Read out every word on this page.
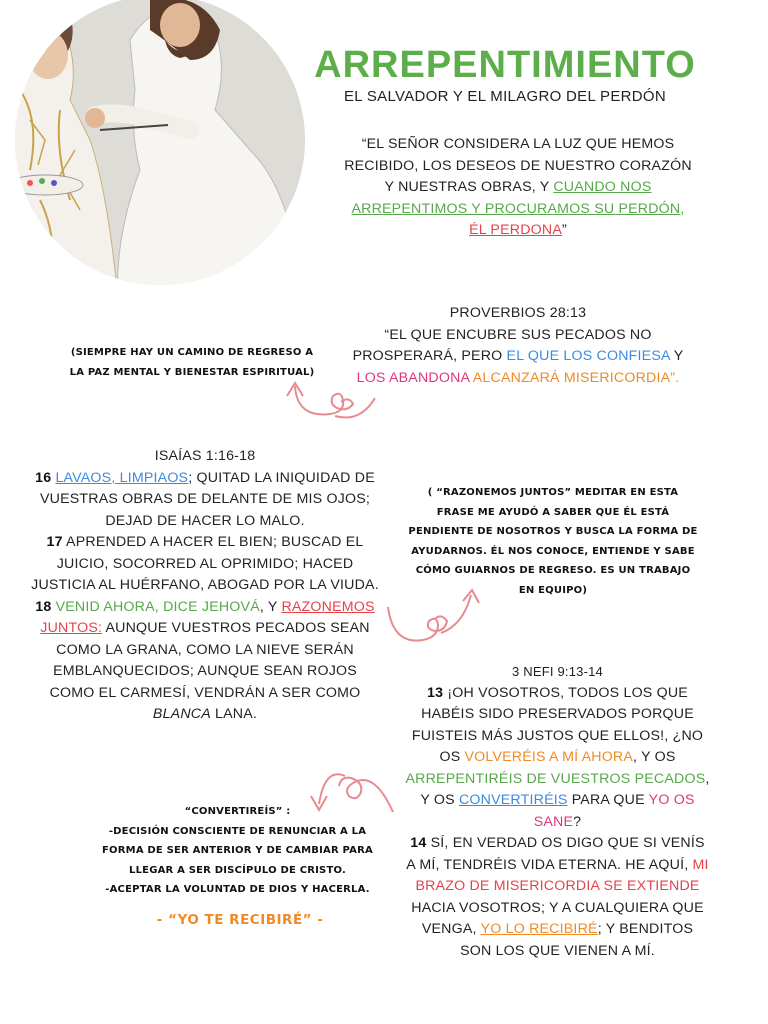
ARREPENTIMIENTO
EL SALVADOR Y EL MILAGRO DEL PERDÓN
“EL SEÑOR CONSIDERA LA LUZ QUE HEMOS
RECIBIDO, LOS DESEOS DE NUESTRO CORAZÓN
Y NUESTRAS OBRAS, Y CUANDO NOS
ARREPENTIMOS Y PROCURAMOS SU PERDÓN,
ÉL PERDONA”
PROVERBIOS 28:13
“EL QUE ENCUBRE SUS PECADOS NO
PROSPERARÁ, PERO EL QUE LOS CONFIESA Y
LOS ABANDONA ALCANZARÁ MISERICORDIA”.
(SIEMPRE HAY UN CAMINO DE REGRESO A
LA PAZ MENTAL Y BIENESTAR ESPIRITUAL)
ISAÍAS 1:16-18
16 LAVAOS, LIMPIAOS; QUITAD LA INIQUIDAD DE
VUESTRAS OBRAS DE DELANTE DE MIS OJOS;
DEJAD DE HACER LO MALO.
17 APRENDED A HACER EL BIEN; BUSCAD EL
JUICIO, SOCORRED AL OPRIMIDO; HACED
JUSTICIA AL HUÉRFANO, ABOGAD POR LA VIUDA.
18 VENID AHORA, DICE JEHOVÁ, Y RAZONEMOS
JUNTOS: AUNQUE VUESTROS PECADOS SEAN
COMO LA GRANA, COMO LA NIEVE SERÁN
EMBLANQUECIDOS; AUNQUE SEAN ROJOS
COMO EL CARMESÍ, VENDRÁN A SER COMO
BLANCA LANA.
( “RAZONEMOS JUNTOS” MEDITAR EN ESTA
FRASE ME AYUDÓ A SABER QUE ÉL ESTÁ
PENDIENTE DE NOSOTROS Y BUSCA LA FORMA DE
AYUDARNOS. ÉL NOS CONOCE, ENTIENDE Y SABE
CÓMO GUIARNOS DE REGRESO. ES UN TRABAJO
EN EQUIPO)
3 NEFI 9:13-14
13 ¡OH VOSOTROS, TODOS LOS QUE
HABÉIS SIDO PRESERVADOS PORQUE
FUISTEIS MÁS JUSTOS QUE ELLOS!, ¿NO
OS VOLVERÉIS A MÍ AHORA, Y OS
ARREPENTIRÉIS DE VUESTROS PECADOS,
Y OS CONVERTIRÉIS PARA QUE YO OS
SANE?
14 SÍ, EN VERDAD OS DIGO QUE SI VENÍS
A MÍ, TENDRÉIS VIDA ETERNA. HE AQUÍ, MI
BRAZO DE MISERICORDIA SE EXTIENDE
HACIA VOSOTROS; Y A CUALQUIERA QUE
VENGA, YO LO RECIBIRÉ; Y BENDITOS
SON LOS QUE VIENEN A MÍ.
“CONVERTIREÍS” :
-DECISIÓN CONSCIENTE DE RENUNCIAR A LA
FORMA DE SER ANTERIOR Y DE CAMBIAR PARA
LLEGAR A SER DISCÍPULO DE CRISTO.
-ACEPTAR LA VOLUNTAD DE DIOS Y HACERLA.
- “YO TE RECIBIRÉ” -
